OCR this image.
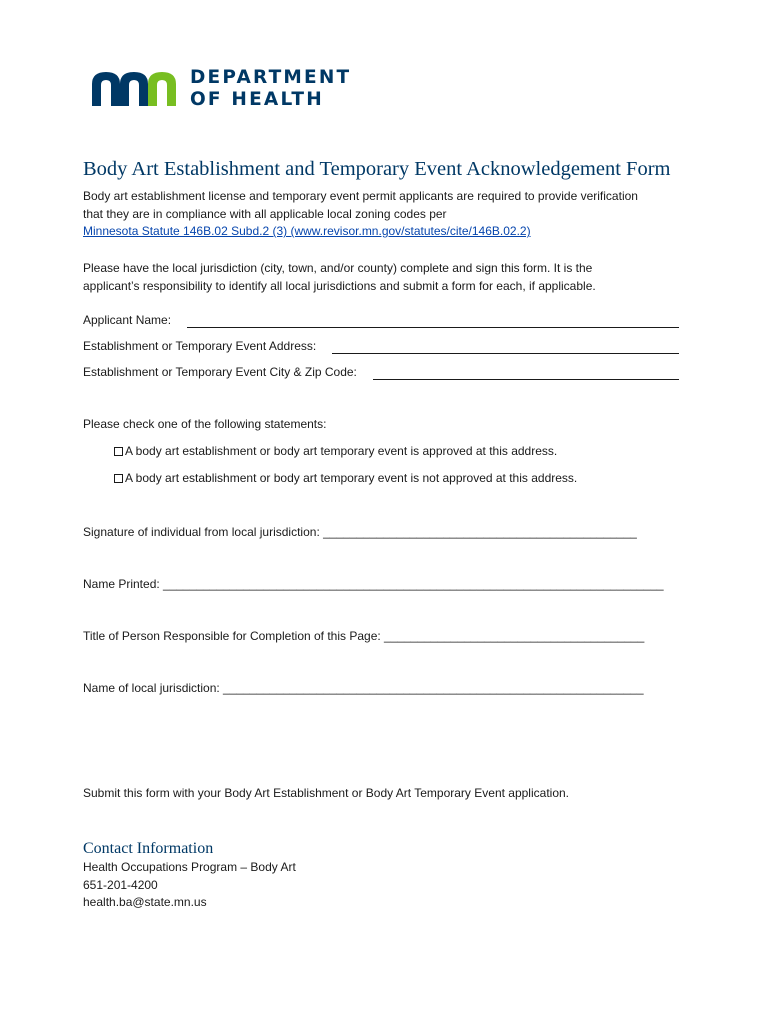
DEPARTMENT
OF HEALTH
Body Art Establishment and Temporary Event Acknowledgement Form
Body art establishment license and temporary event permit applicants are required to provide verification
that they are in compliance with all applicable local zoning codes per
Minnesota Statute 146B.02 Subd.2 (3) (www.revisor.mn.gov/statutes/cite/146B.02.2)
Please have the local jurisdiction (city, town, and/or county) complete and sign this form. It is the
applicant’s responsibility to identify all local jurisdictions and submit a form for each, if applicable.
Applicant Name:
Establishment or Temporary Event Address:
Establishment or Temporary Event City & Zip Code:
Please check one of the following statements:
A body art establishment or body art temporary event is approved at this address.
A body art establishment or body art temporary event is not approved at this address.
Signature of individual from local jurisdiction: _______________________________________________
Name Printed: ___________________________________________________________________________
Title of Person Responsible for Completion of this Page: _______________________________________
Name of local jurisdiction: _______________________________________________________________
Submit this form with your Body Art Establishment or Body Art Temporary Event application.
Contact Information
Health Occupations Program – Body Art
651-201-4200
health.ba@state.mn.us
